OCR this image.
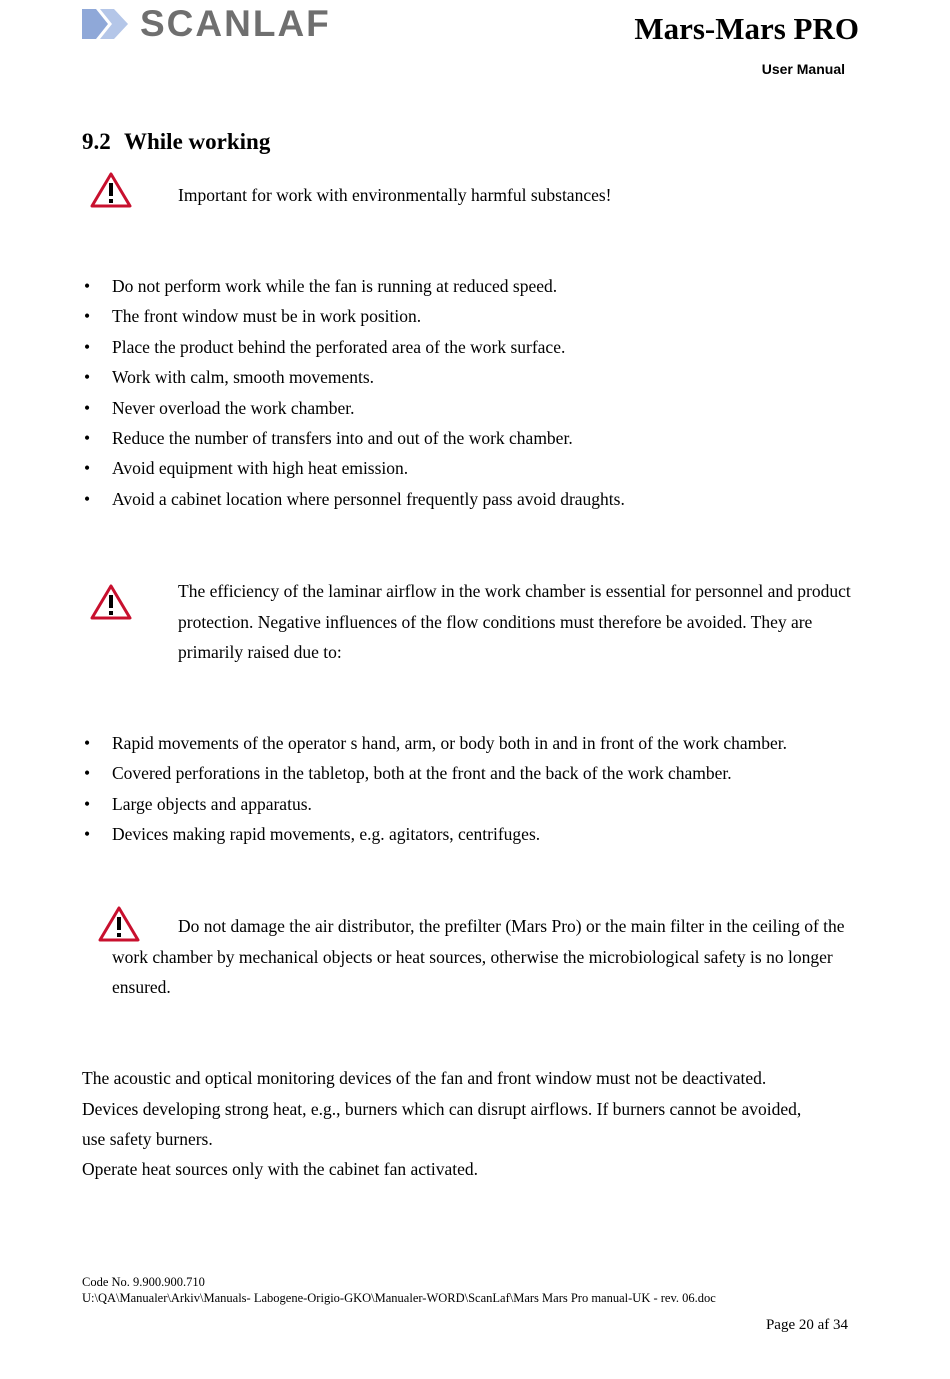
SCANLAF	Mars-Mars PRO
User Manual
9.2 While working
Important for work with environmentally harmful substances!
• Do not perform work while the fan is running at reduced speed.
• The front window must be in work position.
• Place the product behind the perforated area of the work surface.
• Work with calm, smooth movements.
• Never overload the work chamber.
• Reduce the number of transfers into and out of the work chamber.
• Avoid equipment with high heat emission.
• Avoid a cabinet location where personnel frequently pass avoid draughts.
The efficiency of the laminar airflow in the work chamber is essential for personnel and product protection. Negative influences of the flow conditions must therefore be avoided. They are primarily raised due to:
• Rapid movements of the operator s hand, arm, or body both in and in front of the work chamber.
• Covered perforations in the tabletop, both at the front and the back of the work chamber.
• Large objects and apparatus.
• Devices making rapid movements, e.g. agitators, centrifuges.
Do not damage the air distributor, the prefilter (Mars Pro) or the main filter in the ceiling of the work chamber by mechanical objects or heat sources, otherwise the microbiological safety is no longer ensured.
The acoustic and optical monitoring devices of the fan and front window must not be deactivated. Devices developing strong heat, e.g., burners which can disrupt airflows. If burners cannot be avoided, use safety burners.
Operate heat sources only with the cabinet fan activated.
Code No. 9.900.900.710
U:\QA\Manualer\Arkiv\Manuals- Labogene-Origio-GKO\Manualer-WORD\ScanLaf\Mars Mars Pro manual-UK - rev. 06.doc
Page 20 af 34
